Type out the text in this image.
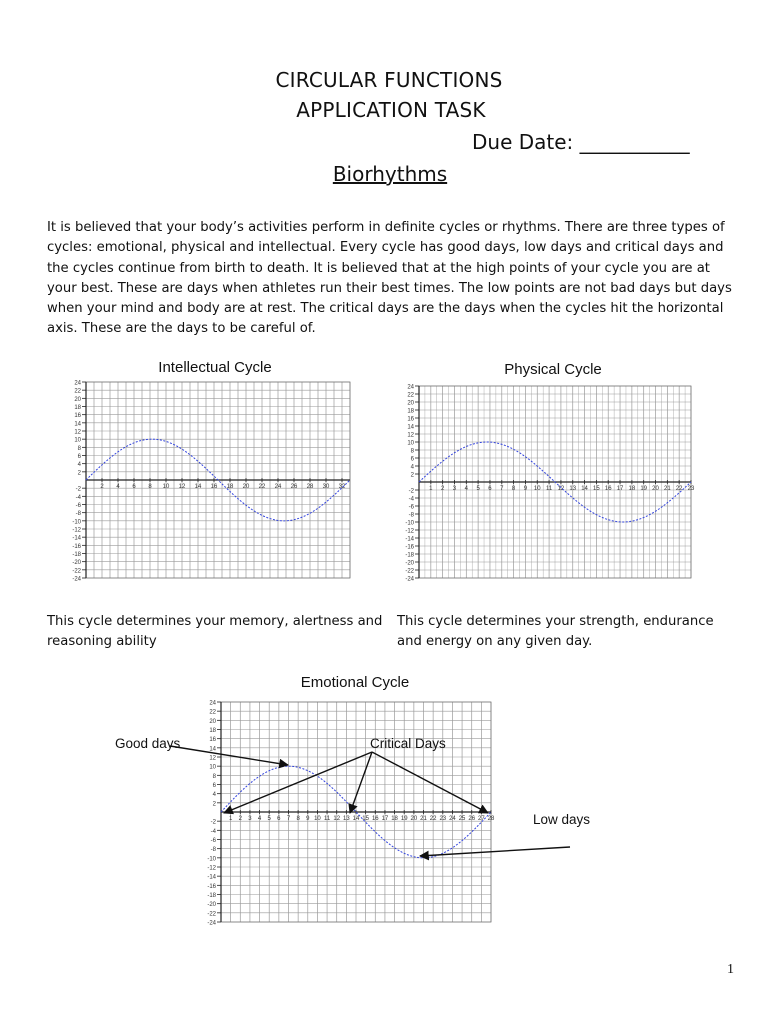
CIRCULAR FUNCTIONS
APPLICATION TASK
Due Date: ___________
Biorhythms

It is believed that your body’s activities perform in definite cycles or rhythms. There are three types of cycles: emotional, physical and intellectual. Every cycle has good days, low days and critical days and the cycles continue from birth to death. It is believed that at the high points of your cycle you are at your best. These are days when athletes run their best times. The low points are not bad days but days when your mind and body are at rest. The critical days are the days when the cycles hit the horizontal axis. These are the days to be careful of.

Intellectual Cycle
24
22
20
18
16
14
12
10
8
6
4
2
-2
-4
-6
-8
-10
-12
-14
-16
-18
-20
-22
-24
2 4 6 8 10 12 14 16 18 20 22 24 26 28 30 32
Physical Cycle
24
22
20
18
16
14
12
10
8
6
4
2
-2
-4
-6
-8
-10
-12
-14
-16
-18
-20
-22
-24
1 2 3 4 5 6 7 8 9 10 11 12 13 14 15 16 17 18 19 20 21 22 23
This cycle determines your memory, alertness and reasoning ability
This cycle determines your strength, endurance and energy on any given day.
Emotional Cycle
24
22
20
18
16
14
12
10
8
6
4
2
-2
-4
-6
-8
-10
-12
-14
-16
-18
-20
-22
-24
1 2 3 4 5 6 7 8 9 10 11 12 13 14 15 16 17 18 19 20 21 22 23 24 25 26 27 28
Good days	Critical Days
Low days
1
